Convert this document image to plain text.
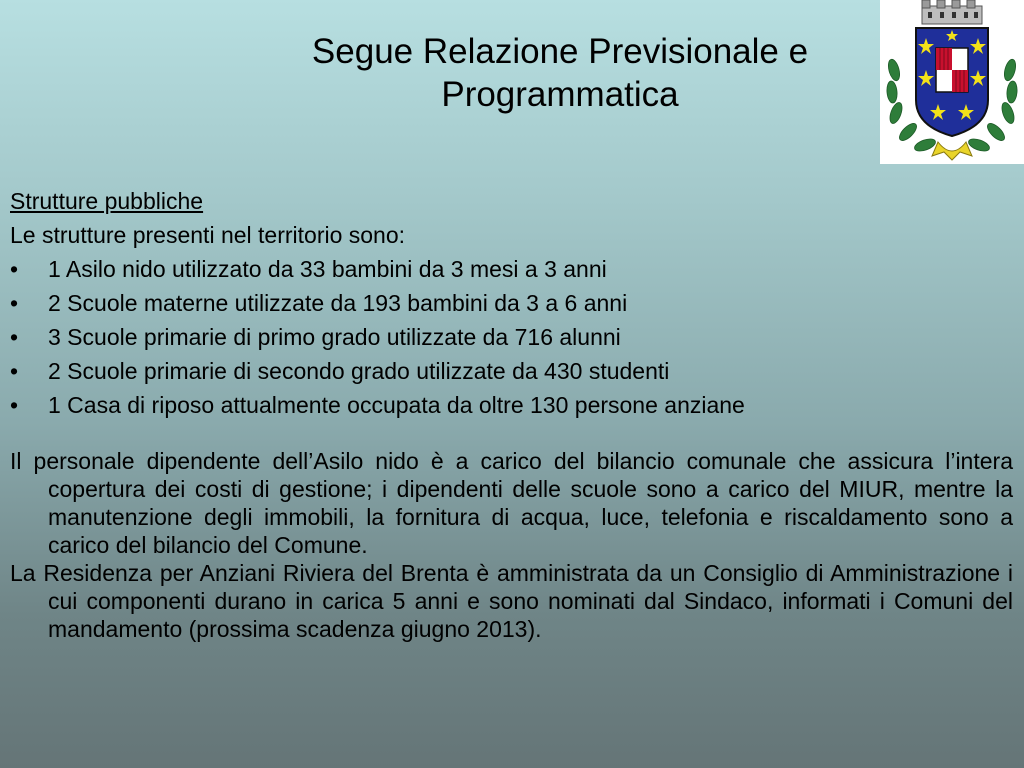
Segue Relazione Previsionale e Programmatica
Strutture pubbliche
Le strutture presenti nel territorio sono:
• 1 Asilo nido utilizzato da 33 bambini da 3 mesi a 3 anni
• 2 Scuole materne utilizzate da 193 bambini da 3 a 6 anni
• 3 Scuole primarie di primo grado utilizzate da 716 alunni
• 2 Scuole primarie di secondo grado utilizzate da 430 studenti
• 1 Casa di riposo attualmente occupata da oltre 130 persone anziane

Il personale dipendente dell’Asilo nido è a carico del bilancio comunale che assicura l’intera copertura dei costi di gestione; i dipendenti delle scuole sono a carico del MIUR, mentre la manutenzione degli immobili, la fornitura di acqua, luce, telefonia e riscaldamento sono a carico del bilancio del Comune.

La Residenza per Anziani Riviera del Brenta è amministrata da un Consiglio di Amministrazione i cui componenti durano in carica 5 anni e sono nominati dal Sindaco, informati i Comuni del mandamento (prossima scadenza giugno 2013).
